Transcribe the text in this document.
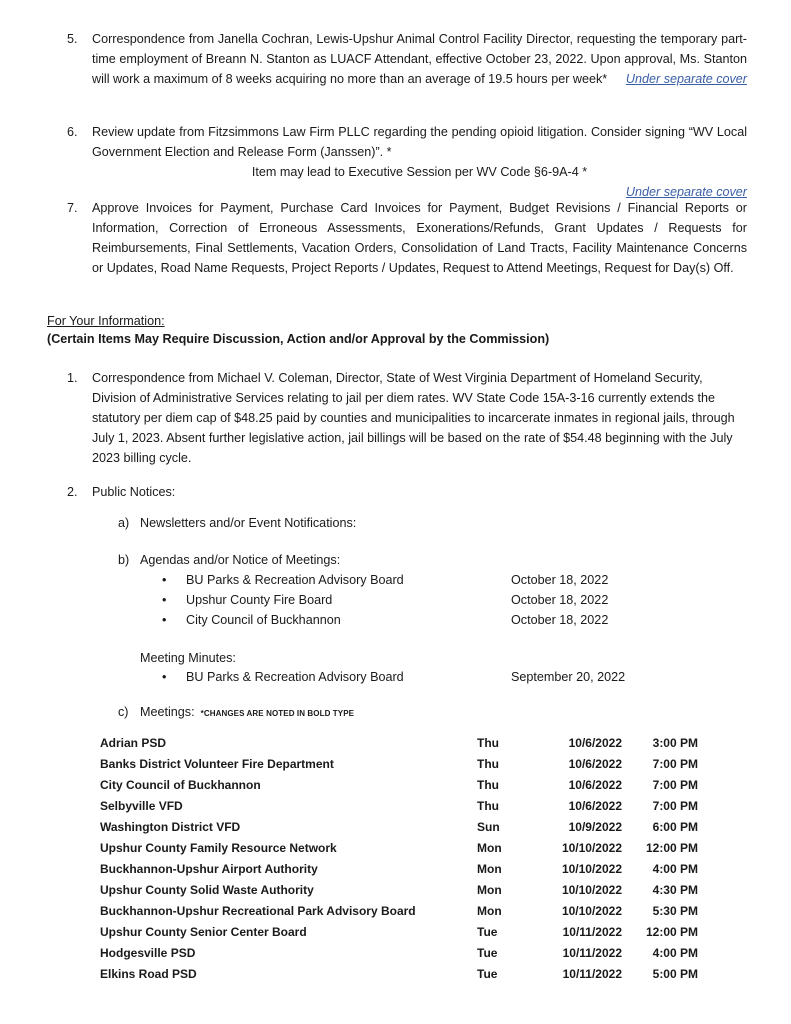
5. Correspondence from Janella Cochran, Lewis-Upshur Animal Control Facility Director, requesting the temporary part-time employment of Breann N. Stanton as LUACF Attendant, effective October 23, 2022. Upon approval, Ms. Stanton will work a maximum of 8 weeks acquiring no more than an average of 19.5 hours per week* Under separate cover
6. Review update from Fitzsimmons Law Firm PLLC regarding the pending opioid litigation. Consider signing “WV Local Government Election and Release Form (Janssen)”. *
Item may lead to Executive Session per WV Code §6-9A-4 *
Under separate cover
7. Approve Invoices for Payment, Purchase Card Invoices for Payment, Budget Revisions / Financial Reports or Information, Correction of Erroneous Assessments, Exonerations/Refunds, Grant Updates / Requests for Reimbursements, Final Settlements, Vacation Orders, Consolidation of Land Tracts, Facility Maintenance Concerns or Updates, Road Name Requests, Project Reports / Updates, Request to Attend Meetings, Request for Day(s) Off.
For Your Information:
(Certain Items May Require Discussion, Action and/or Approval by the Commission)
1. Correspondence from Michael V. Coleman, Director, State of West Virginia Department of Homeland Security, Division of Administrative Services relating to jail per diem rates. WV State Code 15A-3-16 currently extends the statutory per diem cap of $48.25 paid by counties and municipalities to incarcerate inmates in regional jails, through July 1, 2023. Absent further legislative action, jail billings will be based on the rate of $54.48 beginning with the July 2023 billing cycle.
2. Public Notices:
a) Newsletters and/or Event Notifications:
b) Agendas and/or Notice of Meetings:
• BU Parks & Recreation Advisory Board	October 18, 2022
• Upshur County Fire Board	October 18, 2022
• City Council of Buckhannon	October 18, 2022
Meeting Minutes:
• BU Parks & Recreation Advisory Board	September 20, 2022
c) Meetings: *CHANGES ARE NOTED IN BOLD TYPE
Adrian PSD	Thu	10/6/2022	3:00 PM
Banks District Volunteer Fire Department	Thu	10/6/2022	7:00 PM
City Council of Buckhannon	Thu	10/6/2022	7:00 PM
Selbyville VFD	Thu	10/6/2022	7:00 PM
Washington District VFD	Sun	10/9/2022	6:00 PM
Upshur County Family Resource Network	Mon	10/10/2022	12:00 PM
Buckhannon-Upshur Airport Authority	Mon	10/10/2022	4:00 PM
Upshur County Solid Waste Authority	Mon	10/10/2022	4:30 PM
Buckhannon-Upshur Recreational Park Advisory Board	Mon	10/10/2022	5:30 PM
Upshur County Senior Center Board	Tue	10/11/2022	12:00 PM
Hodgesville PSD	Tue	10/11/2022	4:00 PM
Elkins Road PSD	Tue	10/11/2022	5:00 PM
